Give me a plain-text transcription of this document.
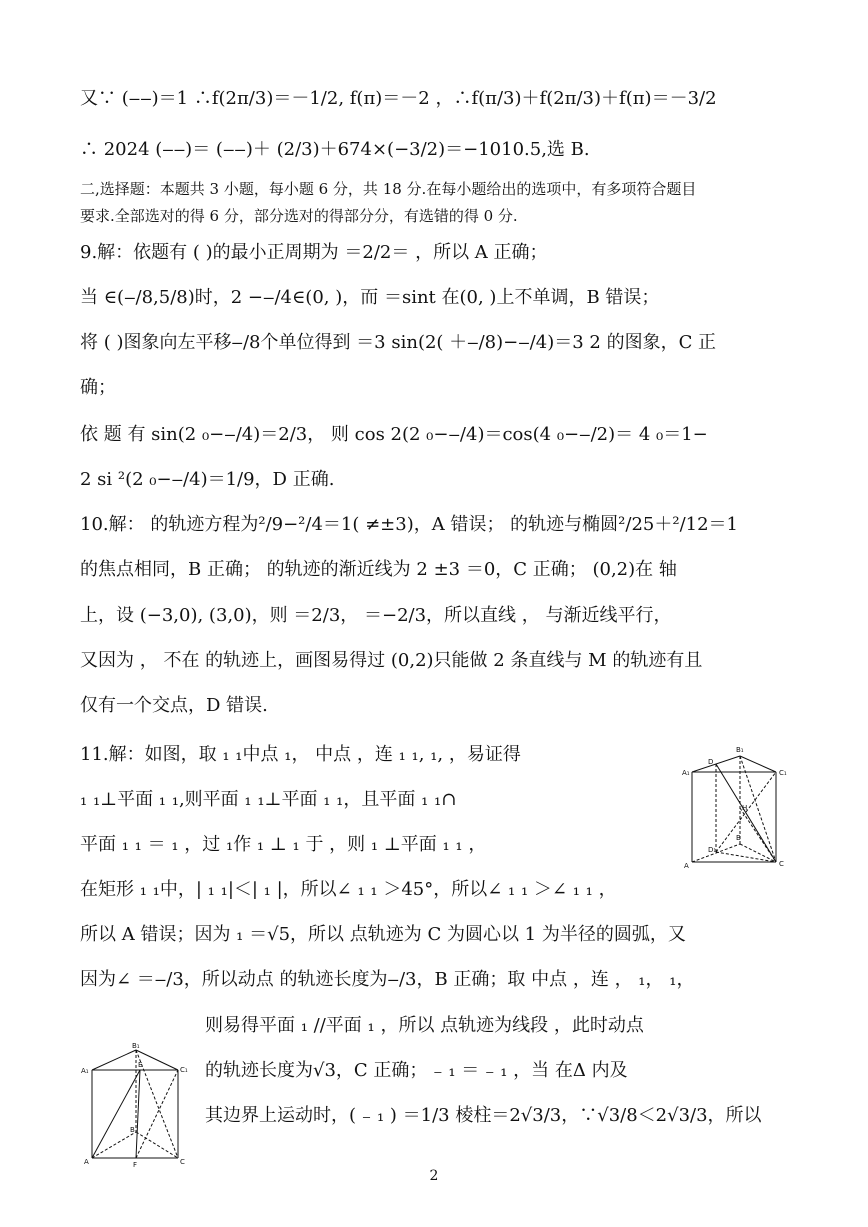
又∵ (‒‒)＝1 ∴f(2π/3)＝－1/2, f(π)＝－2 ，∴f(π/3)＋f(2π/3)＋f(π)＝－3/2
∴ 2024 (‒‒)＝ (‒‒)＋ (2/3)＋674×(−3/2)＝−1010.5,选 B.
二,选择题：本题共 3 小题，每小题 6 分，共 18 分.在每小题给出的选项中，有多项符合题目
要求.全部选对的得 6 分，部分选对的得部分分，有选错的得 0 分.
9.解：依题有 ( )的最小正周期为 ＝2/2＝ ，所以 A 正确；
当 ∈(‒/8,5/8)时，2 −‒/4∈(0, )，而 ＝sint 在(0, )上不单调，B 错误；
将 ( )图象向左平移‒/8个单位得到 ＝3 sin(2( ＋‒/8)−‒/4)＝3 2 的图象，C 正
确；
依 题 有 sin(2 ₀−‒/4)＝2/3， 则 cos 2(2 ₀−‒/4)＝cos(4 ₀−‒/2)＝ 4 ₀＝1−
2 si ²(2 ₀−‒/4)＝1/9，D 正确.
10.解： 的轨迹方程为²/9−²/4＝1( ≠±3)，A 错误； 的轨迹与椭圆²/25＋²/12＝1
的焦点相同，B 正确； 的轨迹的渐近线为 2 ±3 ＝0，C 正确； (0,2)在 轴
上，设 (−3,0), (3,0)，则 ＝2/3， ＝−2/3，所以直线 ， 与渐近线平行，
又因为 ， 不在 的轨迹上，画图易得过 (0,2)只能做 2 条直线与 M 的轨迹有且
仅有一个交点，D 错误.
11.解：如图，取 ₁ ₁中点 ₁， 中点 ，连 ₁ ₁, ₁, ，易证得
₁ ₁⊥平面 ₁ ₁,则平面 ₁ ₁⊥平面 ₁ ₁，且平面 ₁ ₁∩
平面 ₁ ₁ ＝ ₁ ，过 ₁作 ₁ ⊥ ₁ 于 ，则 ₁ ⊥平面 ₁ ₁ ，
在矩形 ₁ ₁中，| ₁ ₁|＜| ₁ |，所以∠ ₁ ₁ ＞45°，所以∠ ₁ ₁ ＞∠ ₁ ₁ ，
所以 A 错误；因为 ₁ ＝√5，所以 点轨迹为 C 为圆心以 1 为半径的圆弧，又
因为∠ ＝‒/3，所以动点 的轨迹长度为‒/3，B 正确；取 中点 ，连 ， ₁， ₁，
则易得平面 ₁ //平面 ₁ ，所以 点轨迹为线段 ，此时动点
的轨迹长度为√3，C 正确； ₋ ₁ ＝ ₋ ₁ ，当 在Δ 内及
其边界上运动时，( ₋ ₁ ) ＝1/3 棱柱＝2√3/3，∵√3/8＜2√3/3，所以
D
B₁
C₁
A₁
H
B
D₁
A	C
B₁
A₁
E
C₁
B
A	F	C
2
